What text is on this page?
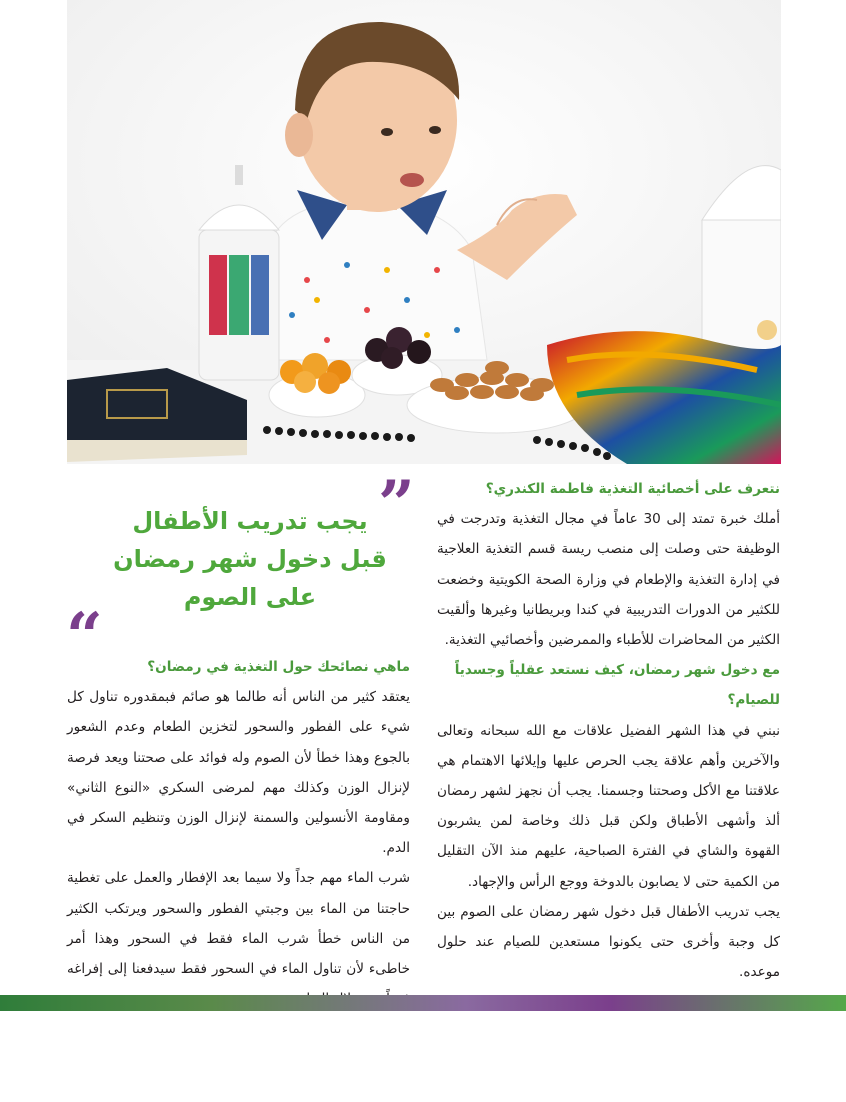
نتعرف على أخصائية التغذية فاطمة الكندري؟

أملك خبرة تمتد إلى 30 عاماً في مجال التغذية وتدرجت في الوظيفة حتى وصلت إلى منصب ريسة قسم التغذية العلاجية في إدارة التغذية والإطعام في وزارة الصحة الكويتية وخضعت للكثير من الدورات التدريبية في كندا وبريطانيا وغيرها وألقيت الكثير من المحاضرات للأطباء والممرضين وأخصائيي التغذية.

مع دخول شهر رمضان، كيف نستعد عقلياً وجسدياً للصيام؟

نبني في هذا الشهر الفضيل علاقات مع الله سبحانه وتعالى والآخرين وأهم علاقة يجب الحرص عليها وإيلائها الاهتمام هي علاقتنا مع الأكل وصحتنا وجسمنا. يجب أن نجهز لشهر رمضان ألذ وأشهى الأطباق ولكن قبل ذلك وخاصة لمن يشربون القهوة والشاي في الفترة الصباحية، عليهم منذ الآن التقليل من الكمية حتى لا يصابون بالدوخة ووجع الرأس والإجهاد.

يجب تدريب الأطفال قبل دخول شهر رمضان على الصوم بين كل وجبة وأخرى حتى يكونوا مستعدين للصيام عند حلول موعده.

”
يجب تدريب الأطفال
قبل دخول شهر رمضان
على الصوم
“	ماهي نصائحك حول التغذية في رمضان؟

يعتقد كثير من الناس أنه طالما هو صائم فبمقدوره تناول كل شيء على الفطور والسحور لتخزين الطعام وعدم الشعور بالجوع وهذا خطأ لأن الصوم وله فوائد على صحتنا ويعد فرصة لإنزال الوزن وكذلك مهم لمرضى السكري «النوع الثاني» ومقاومة الأنسولين والسمنة لإنزال الوزن وتنظيم السكر في الدم.

شرب الماء مهم جداً ولا سيما بعد الإفطار والعمل على تغطية حاجتنا من الماء بين وجبتي الفطور والسحور ويرتكب الكثير من الناس خطأ شرب الماء فقط في السحور وهذا أمر خاطىء لأن تناول الماء في السحور فقط سيدفعنا إلى إفراغه
